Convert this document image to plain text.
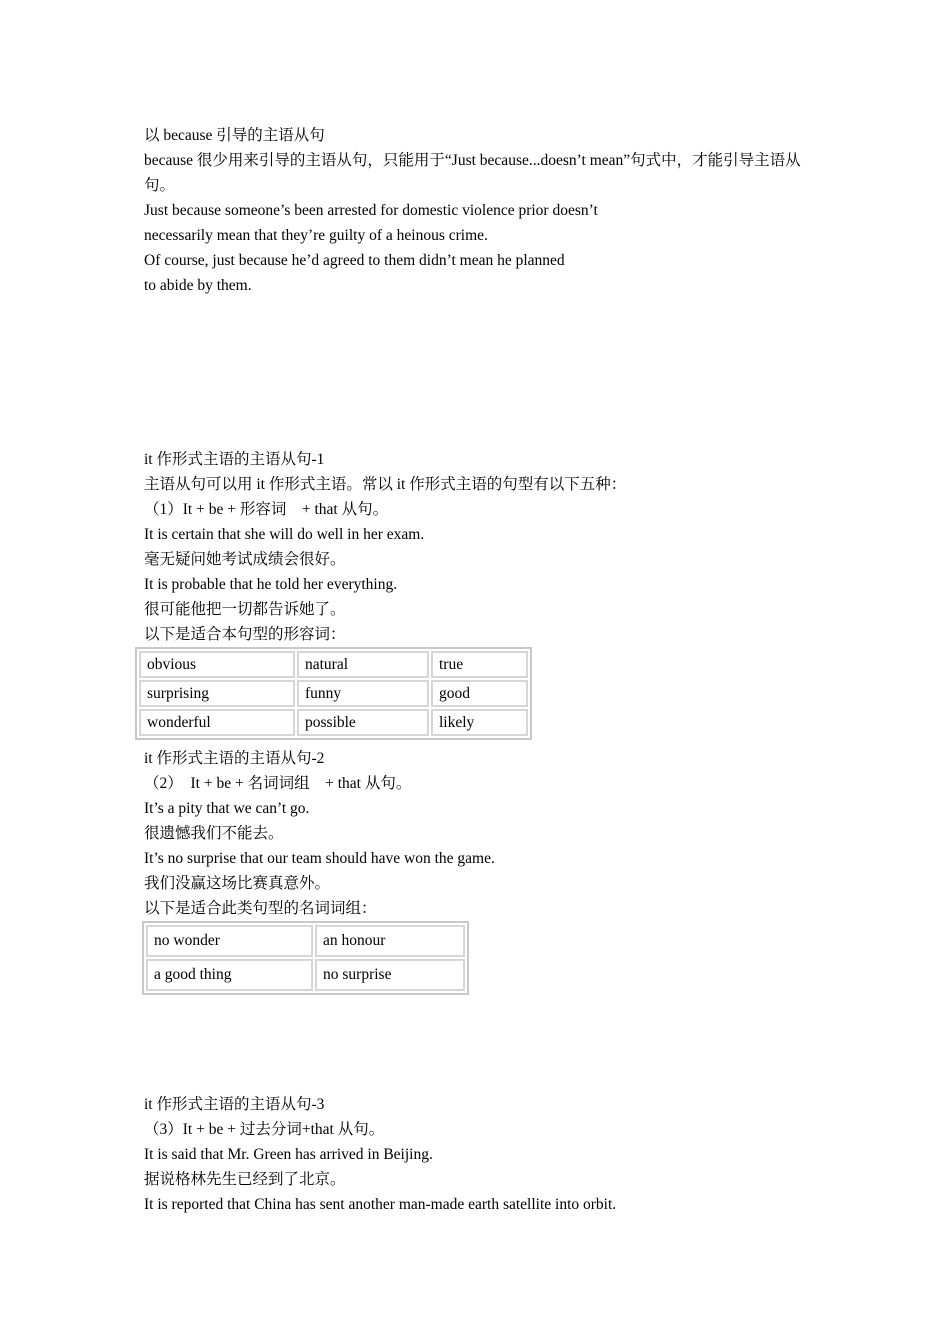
以 because 引导的主语从句
because 很少用来引导的主语从句，只能用于“Just because...doesn’t mean”句式中，才能引导主语从句。
Just because someone’s been arrested for domestic violence prior doesn’t
necessarily mean that they’re guilty of a heinous crime.
Of course, just because he’d agreed to them didn’t mean he planned
to abide by them.
it 作形式主语的主语从句-1
主语从句可以用 it 作形式主语。常以 it 作形式主语的句型有以下五种：
（1）It + be + 形容词　+ that 从句。
It is certain that she will do well in her exam.
毫无疑问她考试成绩会很好。
It is probable that he told her everything.
很可能他把一切都告诉她了。
以下是适合本句型的形容词：
obvious	natural	true
surprising	funny	good
wonderful	possible	likely
it 作形式主语的主语从句-2
（2）　It + be + 名词词组　+ that 从句。
It’s a pity that we can’t go.
很遗憾我们不能去。
It’s no surprise that our team should have won the game.
我们没赢这场比赛真意外。
以下是适合此类句型的名词词组：
no wonder	an honour
a good thing	no surprise
it 作形式主语的主语从句-3
（3）It + be + 过去分词+that 从句。
It is said that Mr. Green has arrived in Beijing.
据说格林先生已经到了北京。
It is reported that China has sent another man-made earth satellite into orbit.
